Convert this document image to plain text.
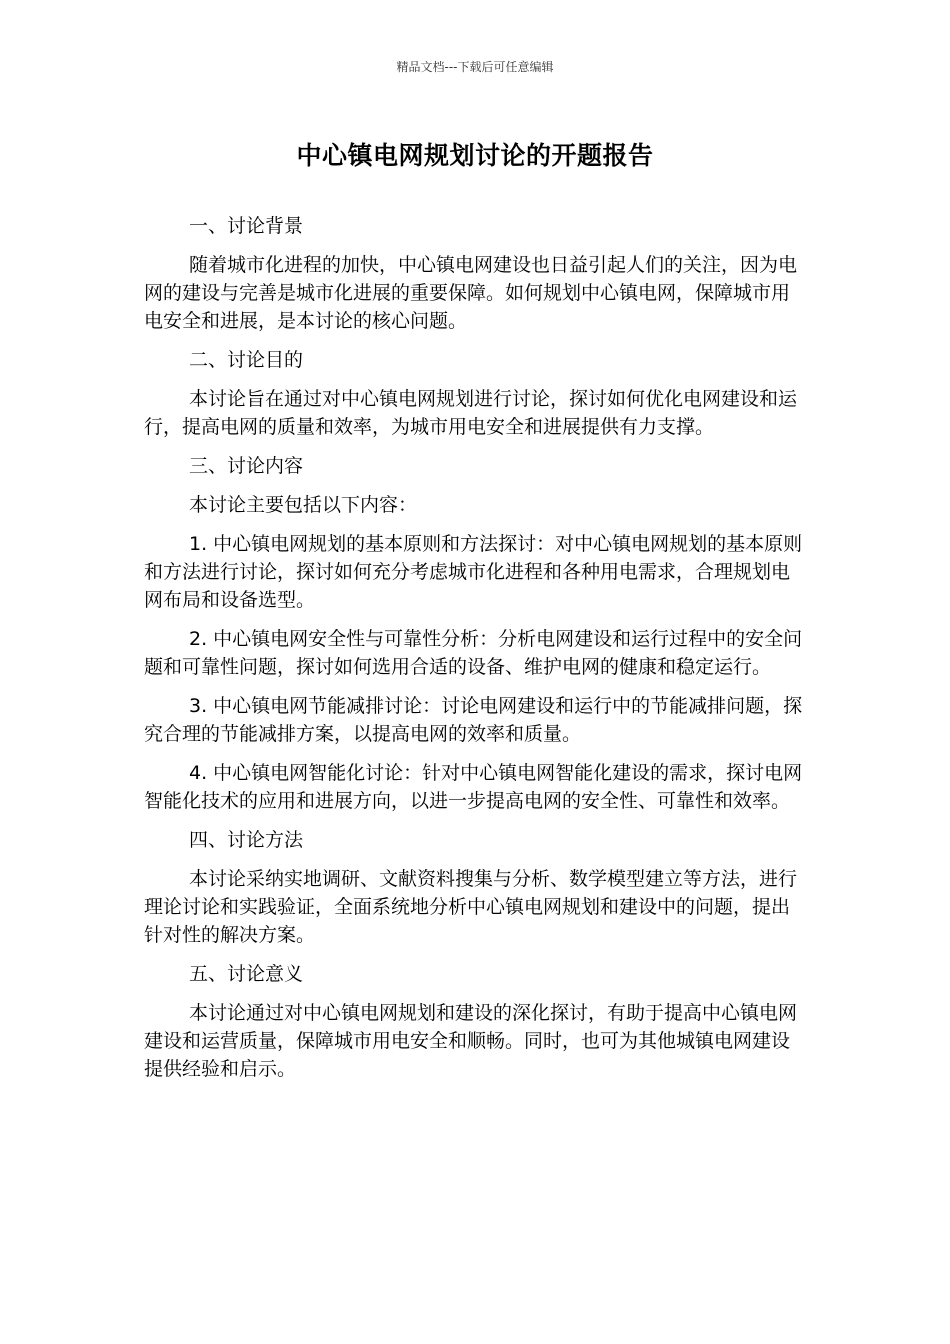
精品文档---下载后可任意编辑
中心镇电网规划讨论的开题报告

一、讨论背景

随着城市化进程的加快，中心镇电网建设也日益引起人们的关注，因为电网的建设与完善是城市化进展的重要保障。如何规划中心镇电网，保障城市用电安全和进展，是本讨论的核心问题。

二、讨论目的

本讨论旨在通过对中心镇电网规划进行讨论，探讨如何优化电网建设和运行，提高电网的质量和效率，为城市用电安全和进展提供有力支撑。

三、讨论内容

本讨论主要包括以下内容：

1. 中心镇电网规划的基本原则和方法探讨：对中心镇电网规划的基本原则和方法进行讨论，探讨如何充分考虑城市化进程和各种用电需求，合理规划电网布局和设备选型。

2. 中心镇电网安全性与可靠性分析：分析电网建设和运行过程中的安全问题和可靠性问题，探讨如何选用合适的设备、维护电网的健康和稳定运行。

3. 中心镇电网节能减排讨论：讨论电网建设和运行中的节能减排问题，探究合理的节能减排方案，以提高电网的效率和质量。

4. 中心镇电网智能化讨论：针对中心镇电网智能化建设的需求，探讨电网智能化技术的应用和进展方向，以进一步提高电网的安全性、可靠性和效率。

四、讨论方法

本讨论采纳实地调研、文献资料搜集与分析、数学模型建立等方法，进行理论讨论和实践验证，全面系统地分析中心镇电网规划和建设中的问题，提出针对性的解决方案。

五、讨论意义

本讨论通过对中心镇电网规划和建设的深化探讨，有助于提高中心镇电网建设和运营质量，保障城市用电安全和顺畅。同时，也可为其他城镇电网建设提供经验和启示。
